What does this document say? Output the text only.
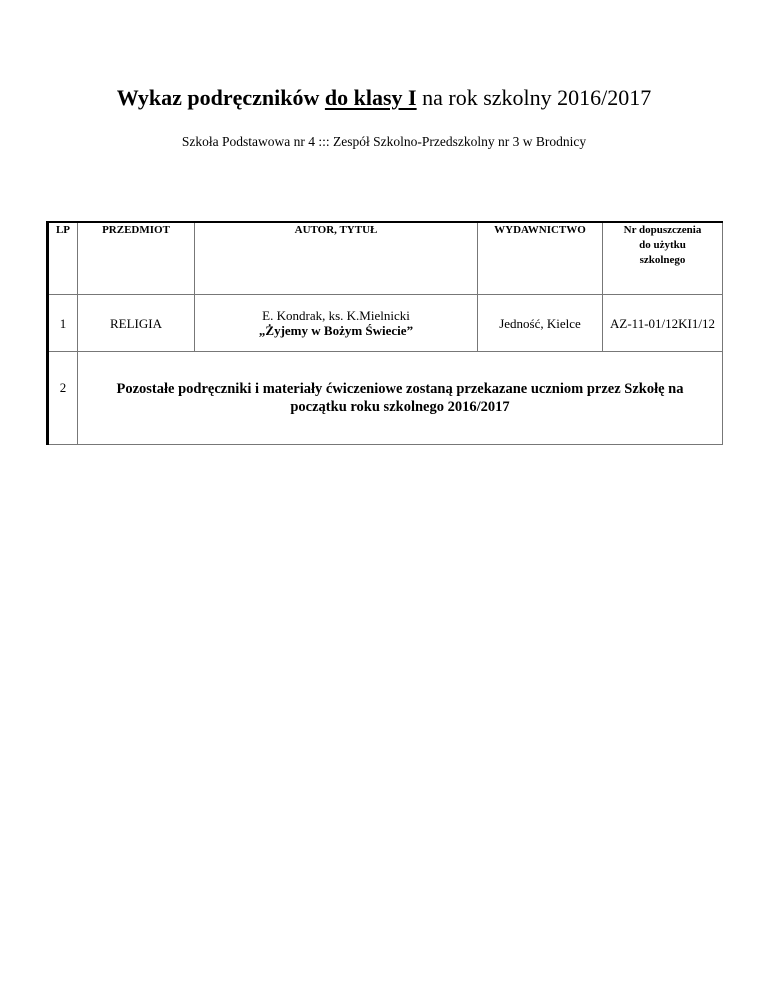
Wykaz podręczników do klasy I na rok szkolny 2016/2017
Szkoła Podstawowa nr 4 ::: Zespół Szkolno-Przedszkolny nr 3 w Brodnicy
LP	PRZEDMIOT	AUTOR, TYTUŁ	WYDAWNICTWO	Nr dopuszczenia
do użytku
szkolnego

1	RELIGIA	E. Kondrak, ks. K.Mielnicki
„Żyjemy w Bożym Świecie”	Jedność, Kielce	AZ-11-01/12KI1/12
2	Pozostałe podręczniki i materiały ćwiczeniowe zostaną przekazane uczniom przez Szkołę na
początku roku szkolnego 2016/2017			
